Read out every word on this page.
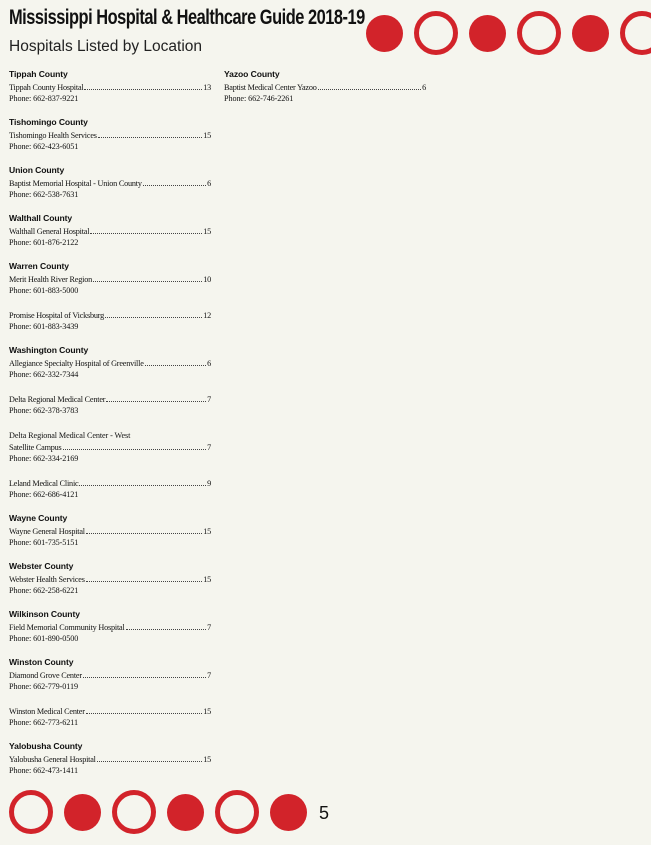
Mississippi Hospital & Healthcare Guide 2018-19
Hospitals Listed by Location
Tippah County
Tippah County Hospital	13
Phone: 662-837-9221
Tishomingo County
Tishomingo Health Services	15
Phone: 662-423-6051
Union County
Baptist Memorial Hospital - Union County	6
Phone: 662-538-7631
Walthall County
Walthall General Hospital	15
Phone: 601-876-2122
Warren County
Merit Health River Region	10
Phone: 601-883-5000
Promise Hospital of Vicksburg	12
Phone: 601-883-3439
Washington County
Allegiance Specialty Hospital of Greenville	6
Phone: 662-332-7344
Delta Regional Medical Center	7
Phone: 662-378-3783
Delta Regional Medical Center - West
Satellite Campus	7
Phone: 662-334-2169
Leland Medical Clinic	9
Phone: 662-686-4121
Wayne County
Wayne General Hospital	15
Phone: 601-735-5151
Webster County
Webster Health Services	15
Phone: 662-258-6221
Wilkinson County
Field Memorial Community Hospital	7
Phone: 601-890-0500
Winston County
Diamond Grove Center	7
Phone: 662-779-0119
Winston Medical Center	15
Phone: 662-773-6211
Yalobusha County
Yalobusha General Hospital	15
Phone: 662-473-1411
Yazoo County
Baptist Medical Center Yazoo	6
Phone: 662-746-2261
5
